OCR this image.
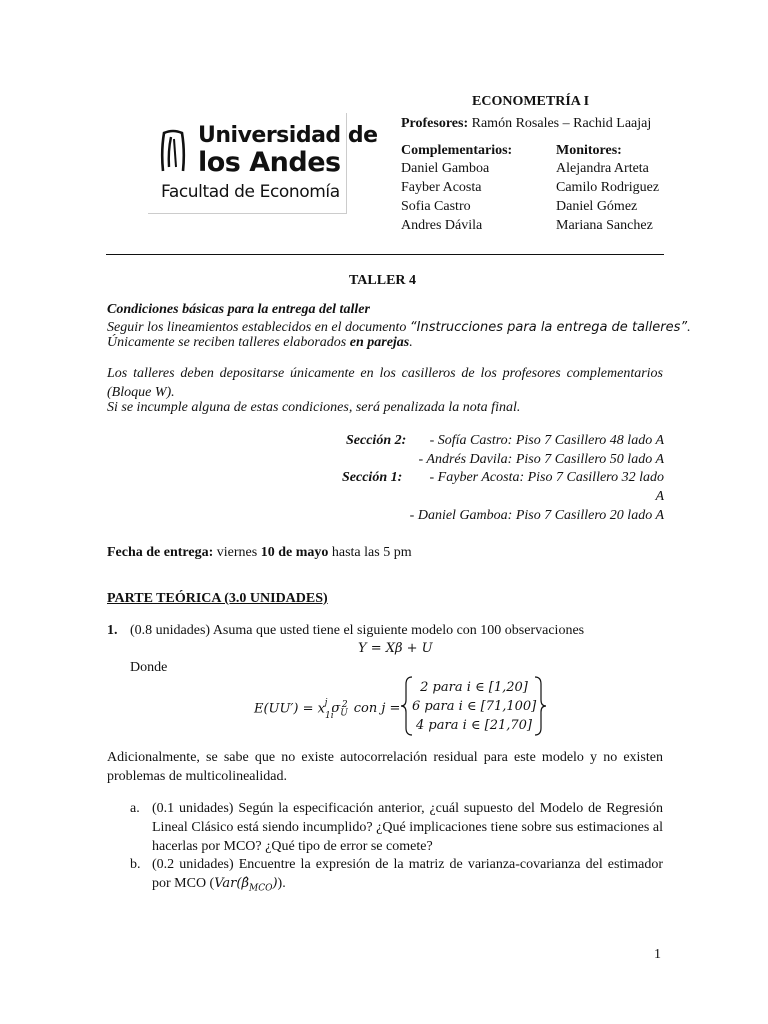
Universidad de
los Andes
Facultad de Economía
ECONOMETRÍA I
Profesores: Ramón Rosales – Rachid Laajaj
Complementarios:
Daniel Gamboa
Fayber Acosta
Sofia Castro
Andres Dávila
Monitores:
Alejandra Arteta
Camilo Rodriguez
Daniel Gómez
Mariana Sanchez
TALLER 4
Condiciones básicas para la entrega del taller
Seguir los lineamientos establecidos en el documento “Instrucciones para la entrega de talleres”.
Únicamente se reciben talleres elaborados en parejas.
Los talleres deben depositarse únicamente en los casilleros de los profesores complementarios (Bloque W).
Si se incumple alguna de estas condiciones, será penalizada la nota final.
Sección 2: - Sofía Castro: Piso 7 Casillero 48 lado A
- Andrés Davila: Piso 7 Casillero 50 lado A
Sección 1: - Fayber Acosta: Piso 7 Casillero 32 lado
A
- Daniel Gamboa: Piso 7 Casillero 20 lado A
Fecha de entrega: viernes 10 de mayo hasta las 5 pm
PARTE TEÓRICA (3.0 UNIDADES)
1. (0.8 unidades) Asuma que usted tiene el siguiente modelo con 100 observaciones
Y = Xβ + U
Donde
$E(UU') = x_{1i}^j$ $\sigma_U^2$ con j =
2 para i ∈ [1,20]
6 para i ∈ [71,100]
4 para i ∈ [21,70]
Adicionalmente, se sabe que no existe autocorrelación residual para este modelo y no existen problemas de multicolinealidad.
a. (0.1 unidades) Según la especificación anterior, ¿cuál supuesto del Modelo de Regresión Lineal Clásico está siendo incumplido? ¿Qué implicaciones tiene sobre sus estimaciones al hacerlas por MCO? ¿Qué tipo de error se comete?
b. (0.2 unidades) Encuentre la expresión de la matriz de varianza-covarianza del estimador por MCO $(Var(\betâ_{MCO}))$.
1
